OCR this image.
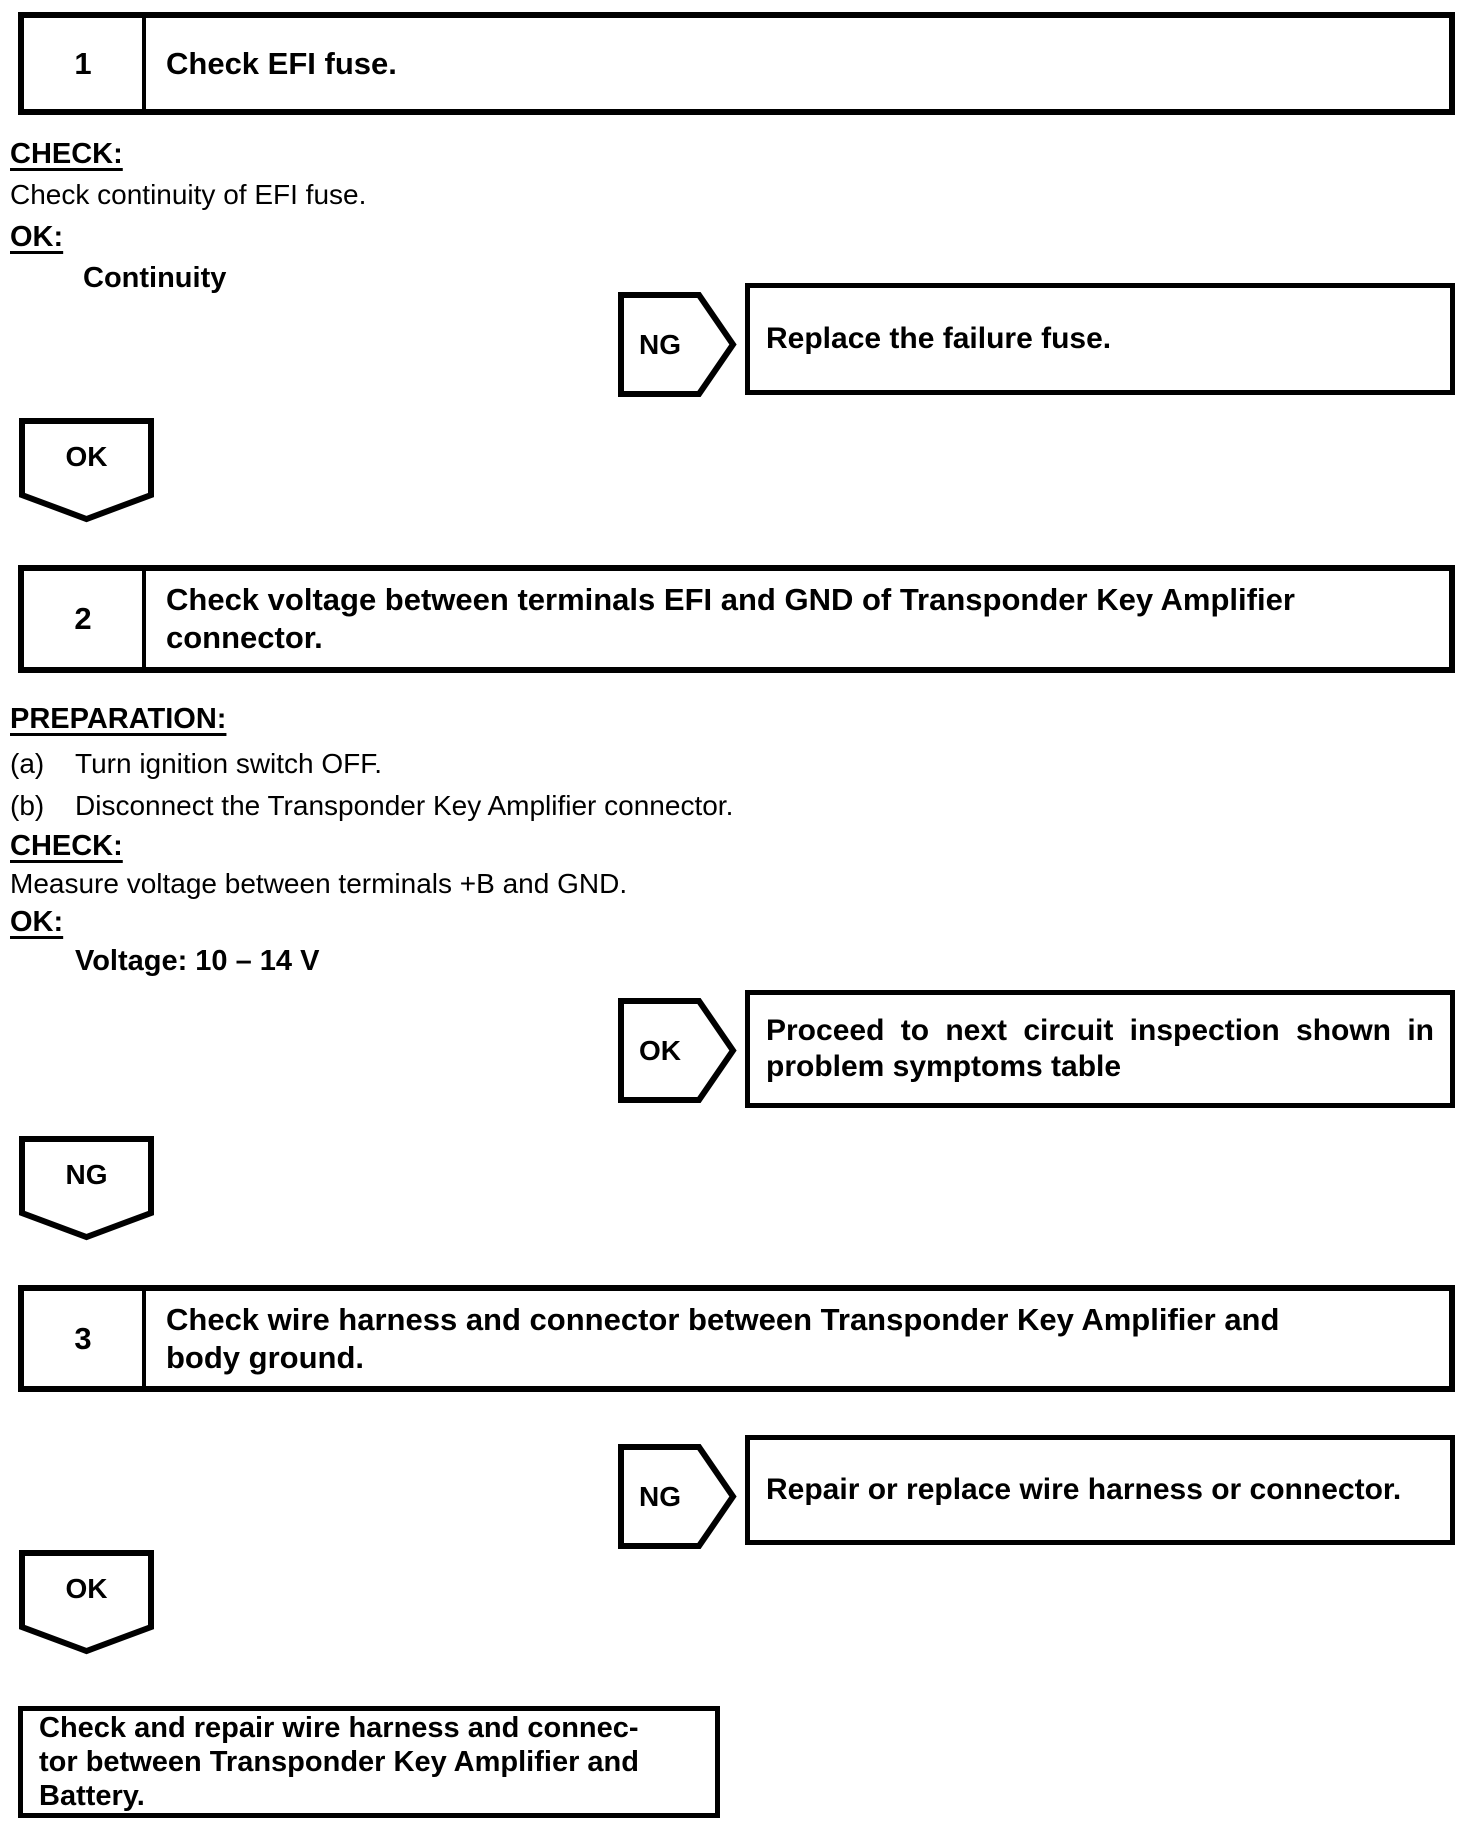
1	Check EFI fuse.
CHECK:
Check continuity of EFI fuse.
OK:
Continuity
NG	Replace the failure fuse.
OK
2
Check voltage between terminals EFI and GND of Transponder Key Amplifier connector.
PREPARATION:
(a) Turn ignition switch OFF.
(b) Disconnect the Transponder Key Amplifier connector.
CHECK:
Measure voltage between terminals +B and GND.
OK:
Voltage: 10 – 14 V
OK
Proceed to next circuit inspection shown in
problem symptoms table
NG
3
Check wire harness and connector between Transponder Key Amplifier and body ground.
NG	Repair or replace wire harness or connector.
OK
Check and repair wire harness and connec-
tor between Transponder Key Amplifier and
Battery.
